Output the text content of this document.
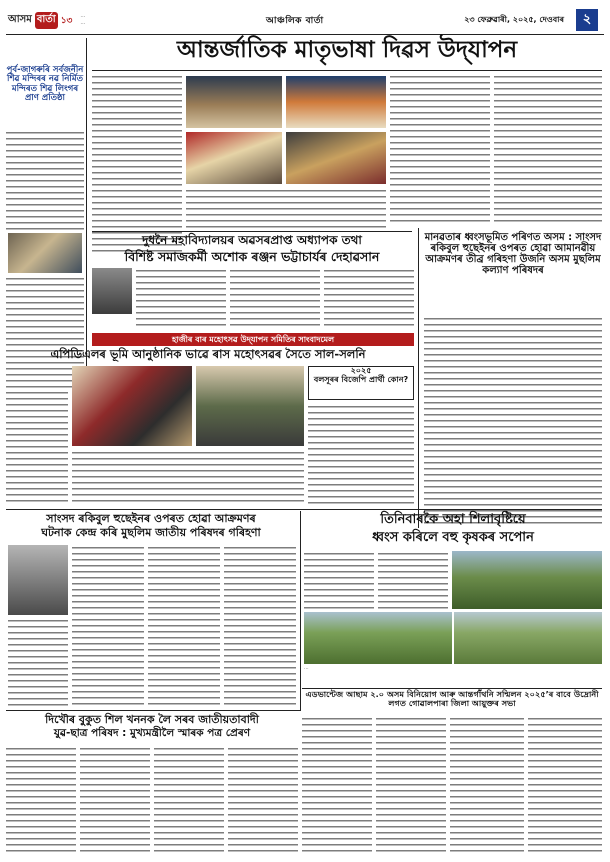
আসম বাৰ্তা ১৩ …
…	আঞ্চলিক বাৰ্তা	২৩ ফেব্ৰুৱাৰী, ২০২৫, দেওবাৰ	২
পূৰ্ব-জাগৰুৰি সৰ্বজনীন শিৱ মন্দিৰৰ নৱ নিৰ্মিত মন্দিৰত শিৱ লিংগৰ প্ৰাণ প্ৰতিষ্ঠা
আন্তৰ্জাতিক মাতৃভাষা দিৱস উদ্‌যাপন
দুধনৈ মহাবিদ্যালয়ৰ অৱসৰপ্ৰাপ্ত অধ্যাপক তথা
বিশিষ্ট সমাজকৰ্মী অশোক ৰঞ্জন ভট্টাচাৰ্যৰ দেহাৱসান
মানৱতাৰ ধ্বংসভূমিত পৰিণত অসম : সাংসদ ৰকিবুল হুছেইনৰ ওপৰত হোৱা আমানৱীয় আক্ৰমণৰ তীব্ৰ গৰিহণা উজনি অসম মুছলিম কল্যাণ পৰিষদৰ
হাজীৰ বাৰ মহোৎসৱ উদ্‌যাপন সমিতিৰ সাংবাদমেল
এপিডিএলৰ ভূমি আনুষ্ঠানিক ভাৱে ৰাস মহোৎসৱৰ সৈতে সাল-সলনি
২০২৫
বলসূৰৰ বিজেপি প্ৰাৰ্থী কোন?
সাংসদ ৰকিবুল হুছেইনৰ ওপৰত হোৱা আক্ৰমণৰ
ঘটনাক কেন্দ্ৰ কৰি মুছলিম জাতীয় পৰিষদৰ গৰিহণা
তিনিবাৰকৈ অহা শিলাবৃষ্টিয়ে
ধ্বংস কৰিলে বহু কৃষকৰ সপোন
…
এডভান্টেজ আছাম ২.০ অসম বিনিয়োগ আৰু আন্তৰ্গাঁথনি সন্মিলন ২০২৫’ৰ বাবে উদ্ৰোনী লগত গোৱালপাৰা জিলা আয়ুক্তৰ সভা
দিখৌৰ বুকুত শিল খননক লৈ সৰব জাতীয়তাবাদী
যুৱ-ছাত্ৰ পৰিষদ : মুখ্যমন্ত্ৰীলৈ স্মাৰক পত্ৰ প্ৰেৰণ
